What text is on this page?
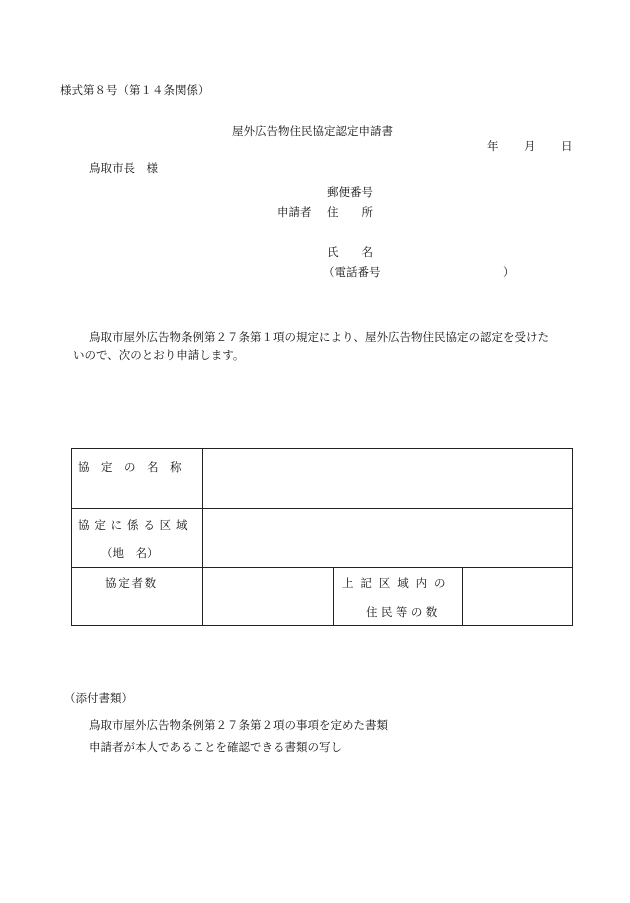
様式第８号（第１４条関係）
屋外広告物住民協定認定申請書
年 月 日
鳥取市長　様
郵便番号
申請者 住　　所
氏　　名
（電話番号	）
鳥取市屋外広告物条例第２７条第１項の規定により、屋外広告物住民協定の認定を受けた
いので、次のとおり申請します。
協　定　の　名　称
協定に係る区域
（地　名）
協定者数	上記区域内の
住民等の数
（添付書類）
鳥取市屋外広告物条例第２７条第２項の事項を定めた書類
申請者が本人であることを確認できる書類の写し
